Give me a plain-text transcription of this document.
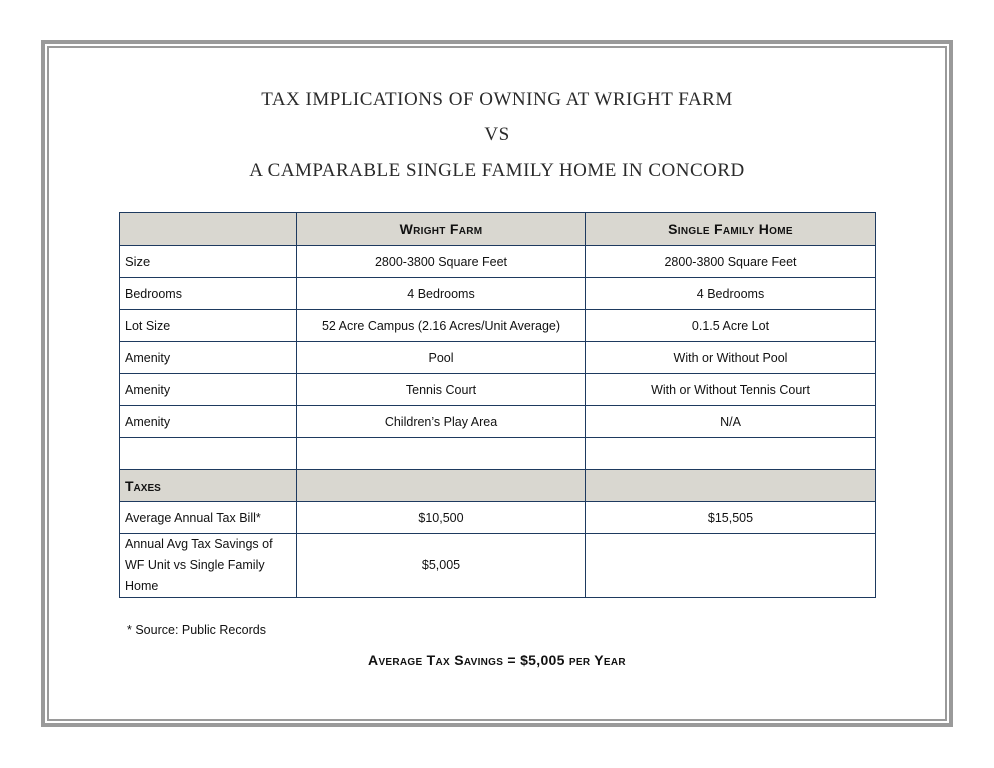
TAX IMPLICATIONS OF OWNING AT WRIGHT FARM
VS
A CAMPARABLE SINGLE FAMILY HOME IN CONCORD
	Wright Farm	Single Family Home
Size	2800-3800 Square Feet	2800-3800 Square Feet
Bedrooms	4 Bedrooms	4 Bedrooms
Lot Size	52 Acre Campus (2.16 Acres/Unit Average)	0.1.5 Acre Lot
Amenity	Pool	With or Without Pool
Amenity	Tennis Court	With or Without Tennis Court
Amenity	Children’s Play Area	N/A

Taxes		
Average Annual Tax Bill*	$10,500	$15,505
Annual Avg Tax Savings of WF Unit vs Single Family Home	$5,005	
* Source: Public Records
Average Tax Savings = $5,005 per Year
